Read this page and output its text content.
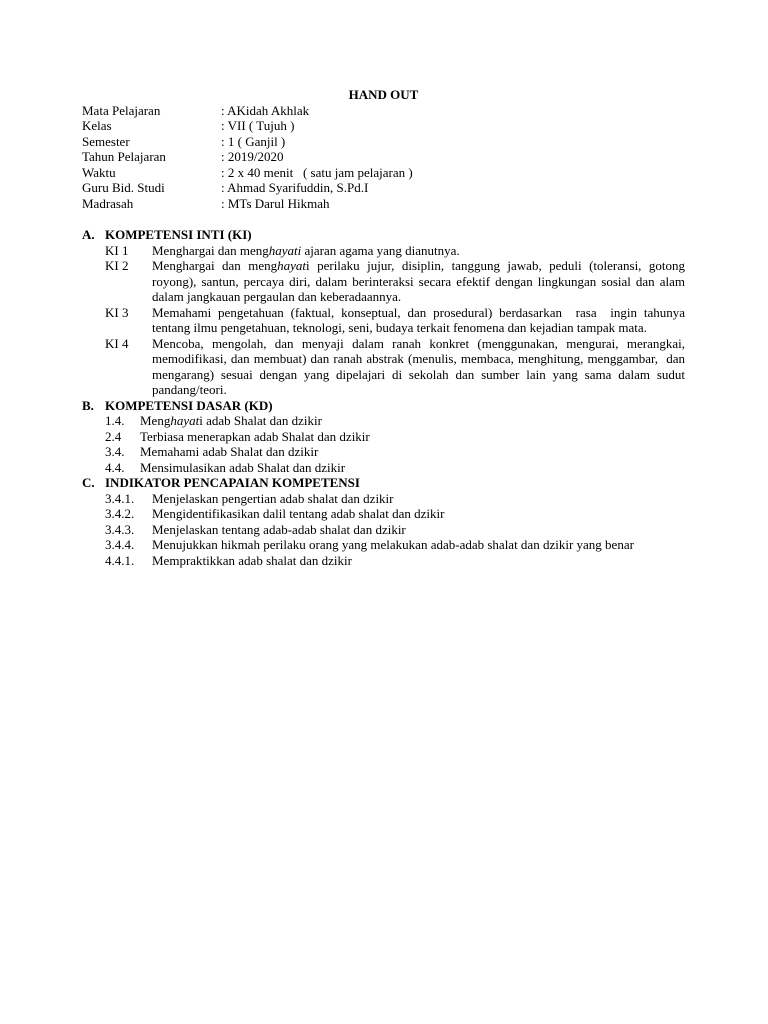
HAND OUT
Mata Pelajaran	: AKidah Akhlak
Kelas	: VII ( Tujuh )
Semester	: 1 ( Ganjil )
Tahun Pelajaran	: 2019/2020
Waktu	: 2 x 40 menit   ( satu jam pelajaran )
Guru Bid. Studi	: Ahmad Syarifuddin, S.Pd.I
Madrasah	: MTs Darul Hikmah
A. KOMPETENSI INTI (KI)
KI 1	Menghargai dan menghayati ajaran agama yang dianutnya.
KI 2	Menghargai dan menghayati perilaku jujur, disiplin, tanggung jawab, peduli (toleransi, gotong royong), santun, percaya diri, dalam berinteraksi secara efektif dengan lingkungan sosial dan alam dalam jangkauan pergaulan dan keberadaannya.
KI 3	Memahami pengetahuan (faktual, konseptual, dan prosedural) berdasarkan  rasa  ingin tahunya tentang ilmu pengetahuan, teknologi, seni, budaya terkait fenomena dan kejadian tampak mata.
KI 4	Mencoba, mengolah, dan menyaji dalam ranah konkret (menggunakan, mengurai, merangkai, memodifikasi, dan membuat) dan ranah abstrak (menulis, membaca, menghitung, menggambar,  dan mengarang) sesuai dengan yang dipelajari di sekolah dan sumber lain yang sama dalam sudut pandang/teori.
B. KOMPETENSI DASAR (KD)
1.4.	Menghayati adab Shalat dan dzikir
2.4	Terbiasa menerapkan adab Shalat dan dzikir
3.4.	Memahami adab Shalat dan dzikir
4.4.	Mensimulasikan adab Shalat dan dzikir
C. INDIKATOR PENCAPAIAN KOMPETENSI
3.4.1.	Menjelaskan pengertian adab shalat dan dzikir
3.4.2.	Mengidentifikasikan dalil tentang adab shalat dan dzikir
3.4.3.	Menjelaskan tentang adab-adab shalat dan dzikir
3.4.4.	Menujukkan hikmah perilaku orang yang melakukan adab-adab shalat dan dzikir yang benar
4.4.1.	Mempraktikkan adab shalat dan dzikir
